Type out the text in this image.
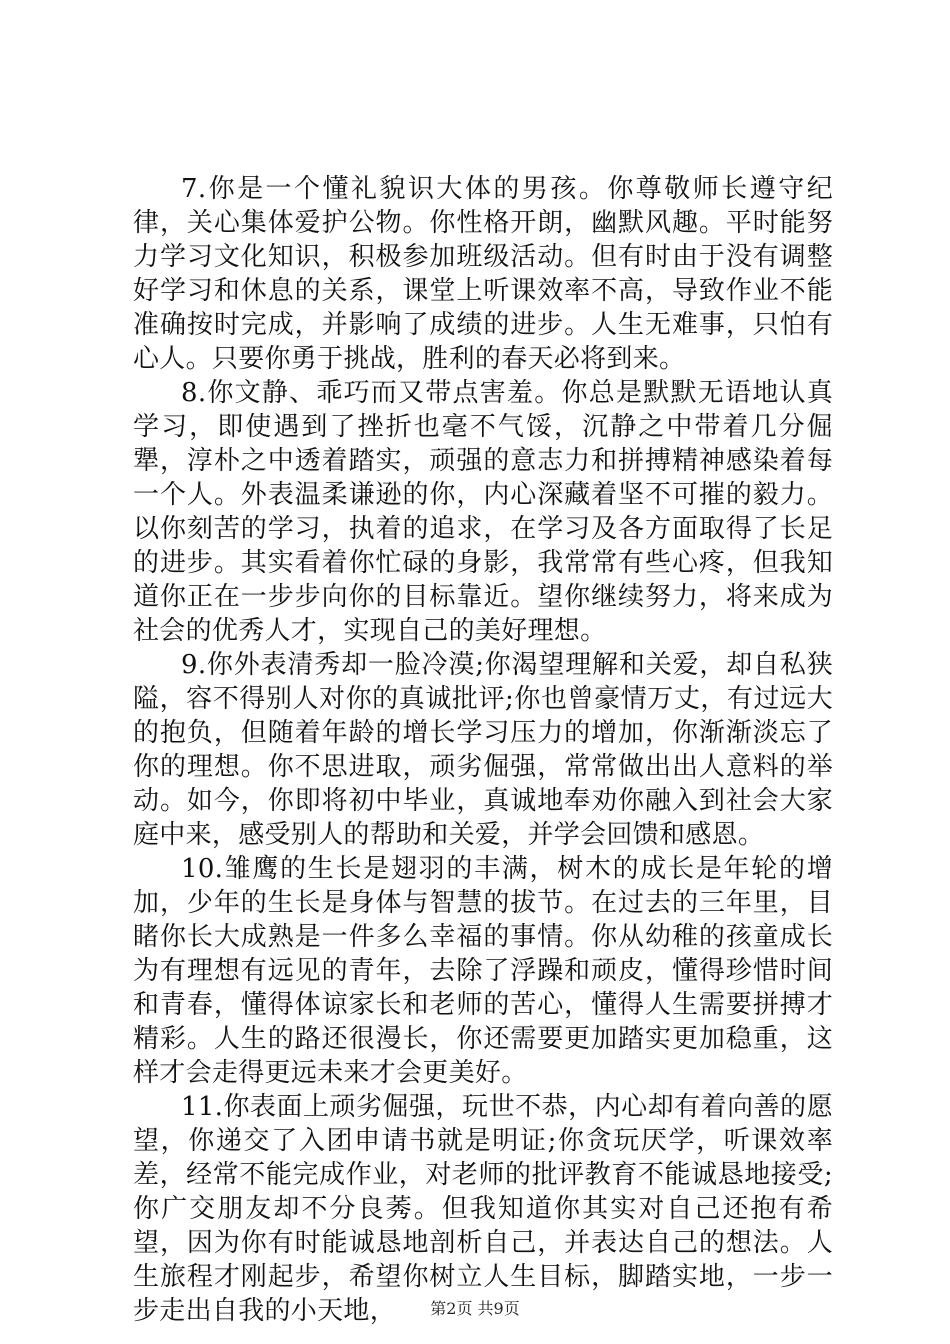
7.你是一个懂礼貌识大体的男孩。你尊敬师长遵守纪律，关心集体爱护公物。你性格开朗，幽默风趣。平时能努力学习文化知识，积极参加班级活动。但有时由于没有调整好学习和休息的关系，课堂上听课效率不高，导致作业不能准确按时完成，并影响了成绩的进步。人生无难事，只怕有心人。只要你勇于挑战，胜利的春天必将到来。

8.你文静、乖巧而又带点害羞。你总是默默无语地认真学习，即使遇到了挫折也毫不气馁，沉静之中带着几分倔犟，淳朴之中透着踏实，顽强的意志力和拼搏精神感染着每一个人。外表温柔谦逊的你，内心深藏着坚不可摧的毅力。以你刻苦的学习，执着的追求，在学习及各方面取得了长足的进步。其实看着你忙碌的身影，我常常有些心疼，但我知道你正在一步步向你的目标靠近。望你继续努力，将来成为社会的优秀人才，实现自己的美好理想。

9.你外表清秀却一脸冷漠;你渴望理解和关爱，却自私狭隘，容不得别人对你的真诚批评;你也曾豪情万丈，有过远大的抱负，但随着年龄的增长学习压力的增加，你渐渐淡忘了你的理想。你不思进取，顽劣倔强，常常做出出人意料的举动。如今，你即将初中毕业，真诚地奉劝你融入到社会大家庭中来，感受别人的帮助和关爱，并学会回馈和感恩。

10.雏鹰的生长是翅羽的丰满，树木的成长是年轮的增加，少年的生长是身体与智慧的拔节。在过去的三年里，目睹你长大成熟是一件多么幸福的事情。你从幼稚的孩童成长为有理想有远见的青年，去除了浮躁和顽皮，懂得珍惜时间和青春，懂得体谅家长和老师的苦心，懂得人生需要拼搏才精彩。人生的路还很漫长，你还需要更加踏实更加稳重，这样才会走得更远未来才会更美好。

11.你表面上顽劣倔强，玩世不恭，内心却有着向善的愿望，你递交了入团申请书就是明证;你贪玩厌学，听课效率差，经常不能完成作业，对老师的批评教育不能诚恳地接受;你广交朋友却不分良莠。但我知道你其实对自己还抱有希望，因为你有时能诚恳地剖析自己，并表达自己的想法。人生旅程才刚起步，希望你树立人生目标，脚踏实地，一步一步走出自我的小天地，	第2页 共9页
